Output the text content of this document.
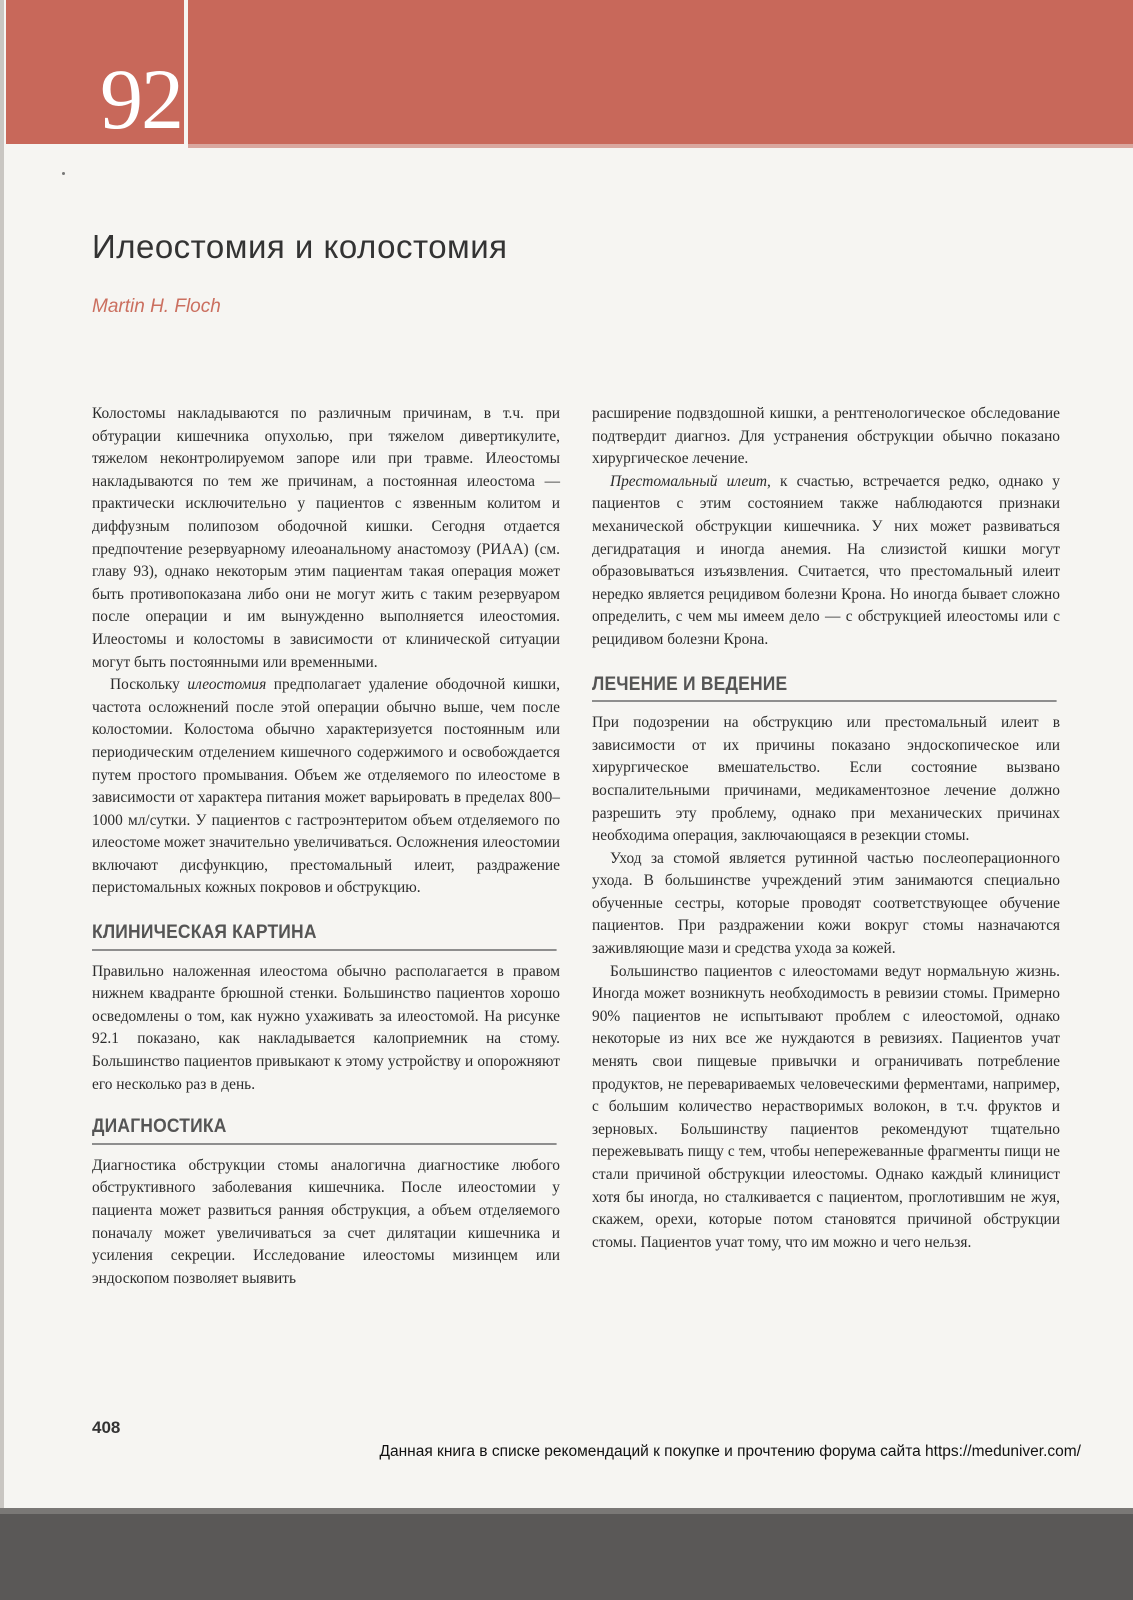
92
Илеостомия и колостомия

Martin H. Floch

Колостомы накладываются по различным причинам, в т.ч. при обтурации кишечника опухолью, при тяжелом дивертикулите, тяжелом неконтролируемом запоре или при травме. Илеостомы накладываются по тем же причинам, а постоянная илеостома — практически исключительно у пациентов с язвенным колитом и диффузным полипозом ободочной кишки. Сегодня отдается предпочтение резервуарному илеоанальному анастомозу (РИАА) (см. главу 93), однако некоторым этим пациентам такая операция может быть противопоказана либо они не могут жить с таким резервуаром после операции и им вынужденно выполняется илеостомия. Илеостомы и колостомы в зависимости от клинической ситуации могут быть постоянными или временными.

Поскольку илеостомия предполагает удаление ободочной кишки, частота осложнений после этой операции обычно выше, чем после колостомии. Колостома обычно характеризуется постоянным или периодическим отделением кишечного содержимого и освобождается путем простого промывания. Объем же отделяемого по илеостоме в зависимости от характера питания может варьировать в пределах 800–1000 мл/сутки. У пациентов с гастроэнтеритом объем отделяемого по илеостоме может значительно увеличиваться. Осложнения илеостомии включают дисфункцию, престомальный илеит, раздражение перистомальных кожных покровов и обструкцию.

КЛИНИЧЕСКАЯ КАРТИНА

Правильно наложенная илеостома обычно располагается в правом нижнем квадранте брюшной стенки. Большинство пациентов хорошо осведомлены о том, как нужно ухаживать за илеостомой. На рисунке 92.1 показано, как накладывается калоприемник на стому. Большинство пациентов привыкают к этому устройству и опорожняют его несколько раз в день.

ДИАГНОСТИКА

Диагностика обструкции стомы аналогична диагностике любого обструктивного заболевания кишечника. После илеостомии у пациента может развиться ранняя обструкция, а объем отделяемого поначалу может увеличиваться за счет дилятации кишечника и усиления секреции. Исследование илеостомы мизинцем или эндоскопом позволяет выявить

расширение подвздошной кишки, а рентгенологическое обследование подтвердит диагноз. Для устранения обструкции обычно показано хирургическое лечение.

Престомальный илеит, к счастью, встречается редко, однако у пациентов с этим состоянием также наблюдаются признаки механической обструкции кишечника. У них может развиваться дегидратация и иногда анемия. На слизистой кишки могут образовываться изъязвления. Считается, что престомальный илеит нередко является рецидивом болезни Крона. Но иногда бывает сложно определить, с чем мы имеем дело — с обструкцией илеостомы или с рецидивом болезни Крона.

ЛЕЧЕНИЕ И ВЕДЕНИЕ

При подозрении на обструкцию или престомальный илеит в зависимости от их причины показано эндоскопическое или хирургическое вмешательство. Если состояние вызвано воспалительными причинами, медикаментозное лечение должно разрешить эту проблему, однако при механических причинах необходима операция, заключающаяся в резекции стомы.

Уход за стомой является рутинной частью послеоперационного ухода. В большинстве учреждений этим занимаются специально обученные сестры, которые проводят соответствующее обучение пациентов. При раздражении кожи вокруг стомы назначаются заживляющие мази и средства ухода за кожей.

Большинство пациентов с илеостомами ведут нормальную жизнь. Иногда может возникнуть необходимость в ревизии стомы. Примерно 90% пациентов не испытывают проблем с илеостомой, однако некоторые из них все же нуждаются в ревизиях. Пациентов учат менять свои пищевые привычки и ограничивать потребление продуктов, не перевариваемых человеческими ферментами, например, с большим количество нерастворимых волокон, в т.ч. фруктов и зерновых. Большинству пациентов рекомендуют тщательно пережевывать пищу с тем, чтобы непережеванные фрагменты пищи не стали причиной обструкции илеостомы. Однако каждый клиницист хотя бы иногда, но сталкивается с пациентом, проглотившим не жуя, скажем, орехи, которые потом становятся причиной обструкции стомы. Пациентов учат тому, что им можно и чего нельзя.

408

Данная книга в списке рекомендаций к покупке и прочтению форума сайта https://meduniver.com/
